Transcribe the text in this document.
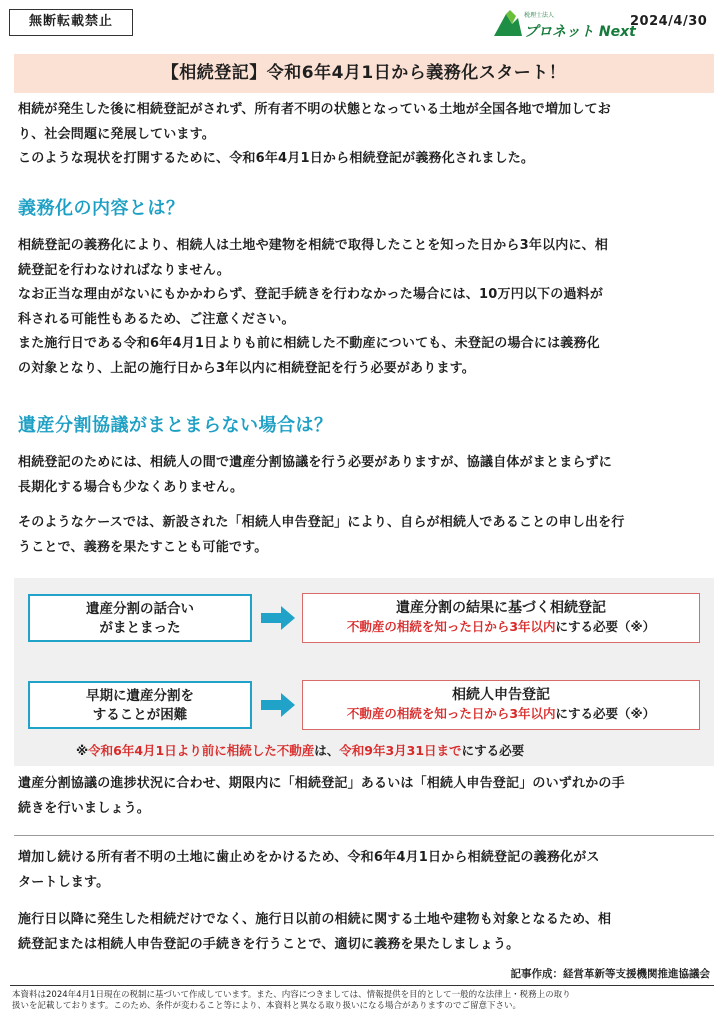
無断転載禁止	税理士法人
プロネット Next
2024/4/30
【相続登記】令和6年4月1日から義務化スタート！
相続が発生した後に相続登記がされず、所有者不明の状態となっている土地が全国各地で増加してお
り、社会問題に発展しています。
このような現状を打開するために、令和6年4月1日から相続登記が義務化されました。
義務化の内容とは？
相続登記の義務化により、相続人は土地や建物を相続で取得したことを知った日から3年以内に、相
続登記を行わなければなりません。
なお正当な理由がないにもかかわらず、登記手続きを行わなかった場合には、10万円以下の過料が
科される可能性もあるため、ご注意ください。
また施行日である令和6年4月1日よりも前に相続した不動産についても、未登記の場合には義務化
の対象となり、上記の施行日から3年以内に相続登記を行う必要があります。
遺産分割協議がまとまらない場合は？
相続登記のためには、相続人の間で遺産分割協議を行う必要がありますが、協議自体がまとまらずに
長期化する場合も少なくありません。
そのようなケースでは、新設された「相続人申告登記」により、自らが相続人であることの申し出を行
うことで、義務を果たすことも可能です。
遺産分割の話合い
がまとまった
遺産分割の結果に基づく相続登記
不動産の相続を知った日から3年以内にする必要（※）
早期に遺産分割を
することが困難
相続人申告登記
不動産の相続を知った日から3年以内にする必要（※）
※令和6年4月1日より前に相続した不動産は、令和9年3月31日までにする必要
遺産分割協議の進捗状況に合わせ、期限内に「相続登記」あるいは「相続人申告登記」のいずれかの手
続きを行いましょう。
増加し続ける所有者不明の土地に歯止めをかけるため、令和6年4月1日から相続登記の義務化がス
タートします。
施行日以降に発生した相続だけでなく、施行日以前の相続に関する土地や建物も対象となるため、相
続登記または相続人申告登記の手続きを行うことで、適切に義務を果たしましょう。
記事作成：経営革新等支援機関推進協議会
本資料は2024年4月1日現在の税制に基づいて作成しています。また、内容につきましては、情報提供を目的として一般的な法律上・税務上の取り
扱いを記載しております。このため、条件が変わること等により、本資料と異なる取り扱いになる場合がありますのでご留意下さい。
